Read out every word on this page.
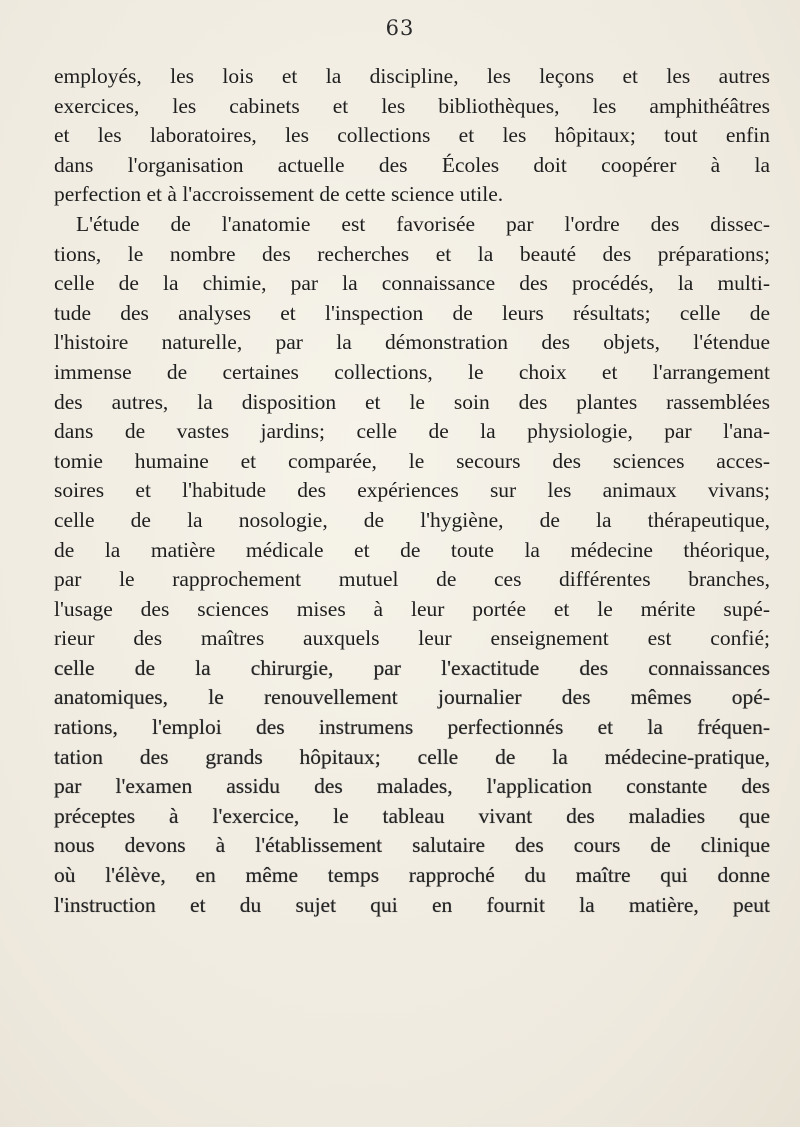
63
employés, les lois et la discipline, les leçons et les autres
exercices, les cabinets et les bibliothèques, les amphithéâtres
et les laboratoires, les collections et les hôpitaux; tout enfin
dans l'organisation actuelle des Écoles doit coopérer à la
perfection et à l'accroissement de cette science utile.
L'étude de l'anatomie est favorisée par l'ordre des dissec-
tions, le nombre des recherches et la beauté des préparations;
celle de la chimie, par la connaissance des procédés, la multi-
tude des analyses et l'inspection de leurs résultats; celle de
l'histoire naturelle, par la démonstration des objets, l'étendue
immense de certaines collections, le choix et l'arrangement
des autres, la disposition et le soin des plantes rassemblées
dans de vastes jardins; celle de la physiologie, par l'ana-
tomie humaine et comparée, le secours des sciences acces-
soires et l'habitude des expériences sur les animaux vivans;
celle de la nosologie, de l'hygiène, de la thérapeutique,
de la matière médicale et de toute la médecine théorique,
par le rapprochement mutuel de ces différentes branches,
l'usage des sciences mises à leur portée et le mérite supé-
rieur des maîtres auxquels leur enseignement est confié;
celle de la chirurgie, par l'exactitude des connaissances
anatomiques, le renouvellement journalier des mêmes opé-
rations, l'emploi des instrumens perfectionnés et la fréquen-
tation des grands hôpitaux; celle de la médecine-pratique,
par l'examen assidu des malades, l'application constante des
préceptes à l'exercice, le tableau vivant des maladies que
nous devons à l'établissement salutaire des cours de clinique
où l'élève, en même temps rapproché du maître qui donne
l'instruction et du sujet qui en fournit la matière, peut
